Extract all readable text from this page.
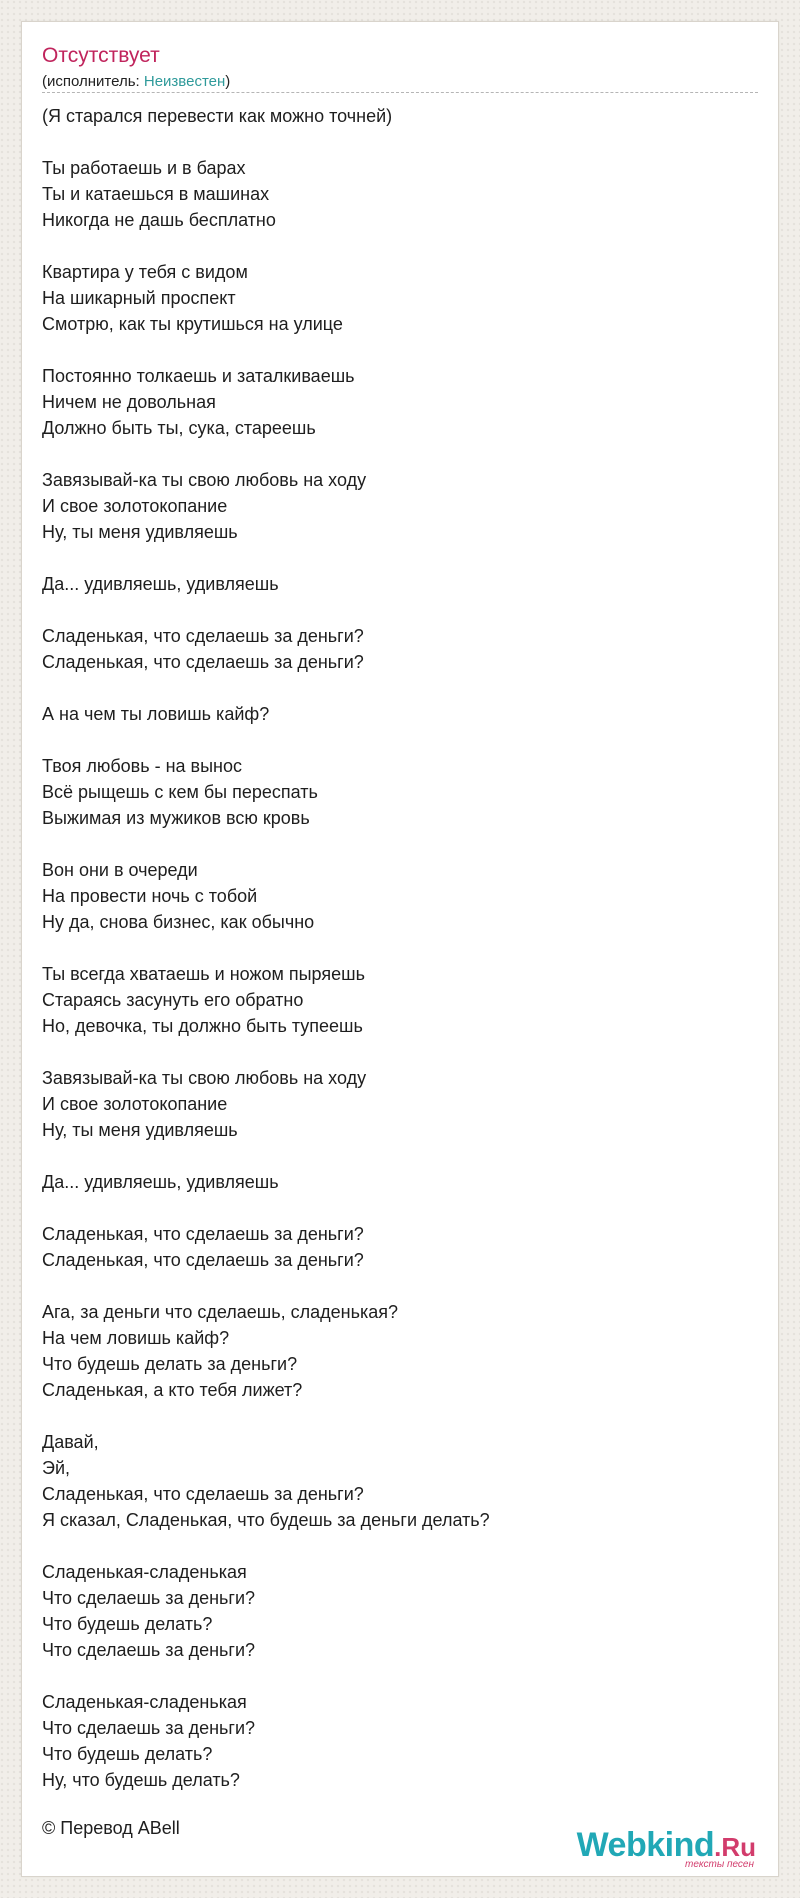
Отсутствует
(исполнитель: Неизвестен)
(Я старался перевести как можно точней)

Ты работаешь и в барах
Ты и катаешься в машинах
Никогда не дашь бесплатно

Квартира у тебя с видом
На шикарный проспект
Смотрю, как ты крутишься на улице

Постоянно толкаешь и заталкиваешь
Ничем не довольная
Должно быть ты, сука, стареешь

Завязывай-ка ты свою любовь на ходу
И свое золотокопание
Ну, ты меня удивляешь

Да... удивляешь, удивляешь

Сладенькая, что сделаешь за деньги?
Сладенькая, что сделаешь за деньги?

А на чем ты ловишь кайф?

Твоя любовь - на вынос
Всё рыщешь с кем бы переспать
Выжимая из мужиков всю кровь

Вон они в очереди
На провести ночь с тобой
Ну да, снова бизнес, как обычно

Ты всегда хватаешь и ножом пыряешь
Стараясь засунуть его обратно
Но, девочка, ты должно быть тупеешь

Завязывай-ка ты свою любовь на ходу
И свое золотокопание
Ну, ты меня удивляешь

Да... удивляешь, удивляешь

Сладенькая, что сделаешь за деньги?
Сладенькая, что сделаешь за деньги?

Ага, за деньги что сделаешь, сладенькая?
На чем ловишь кайф?
Что будешь делать за деньги?
Сладенькая, а кто тебя лижет?

Давай,
Эй,
Сладенькая, что сделаешь за деньги?
Я сказал, Сладенькая, что будешь за деньги делать?

Сладенькая-сладенькая
Что сделаешь за деньги?
Что будешь делать?
Что сделаешь за деньги?

Сладенькая-сладенькая
Что сделаешь за деньги?
Что будешь делать?
Ну, что будешь делать?
© Перевод ABell	Webkind.Ru
тексты песен
